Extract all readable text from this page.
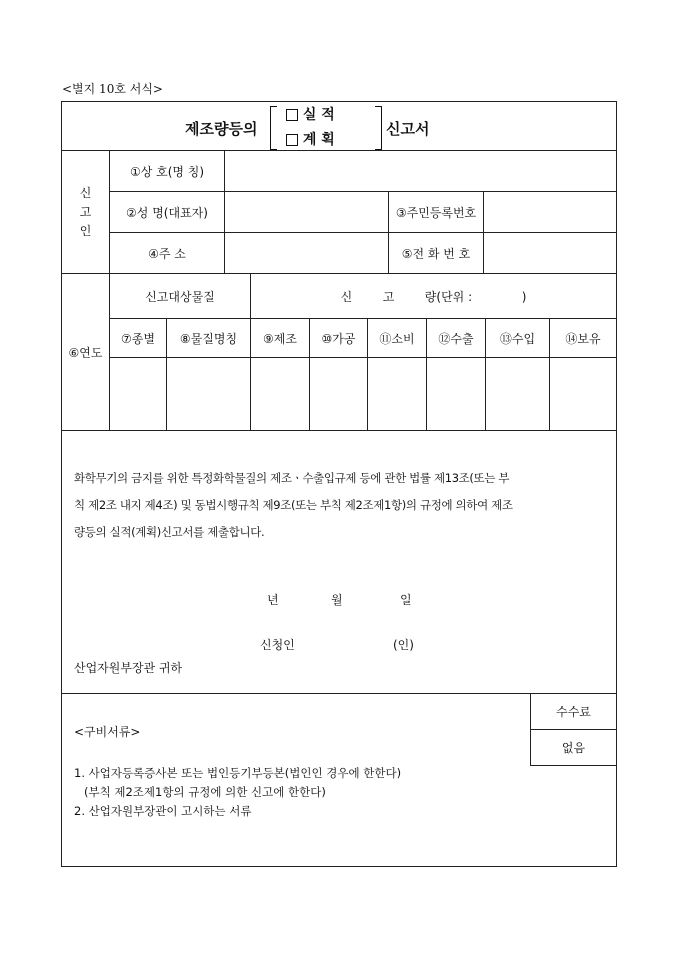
<별지 10호 서식>
제조량등의
실 적
계 획
신고서
신
고
인
①상 호(명 칭)
②성 명(대표자)	③주민등록번호
④주 소	⑤전 화 번 호
⑥연도
신고대상물질	신        고        량(단위 :             )
⑦종별	⑧물질명칭	⑨제조	⑩가공	⑪소비	⑫수출	⑬수입	⑭보유
화학무기의 금지를 위한 특정화학물질의 제조ㆍ수출입규제 등에 관한 법률 제13조(또는 부
칙 제2조 내지 제4조) 및 동법시행규칙 제9조(또는 부칙 제2조제1항)의 규정에 의하여 제조
량등의 실적(계획)신고서를 제출합니다.
년	월	일
신청인	(인)
산업자원부장관 귀하
수수료
없음
<구비서류>
1. 사업자등록증사본 또는 법인등기부등본(법인인 경우에 한한다)
(부칙 제2조제1항의 규정에 의한 신고에 한한다)
2. 산업자원부장관이 고시하는 서류
